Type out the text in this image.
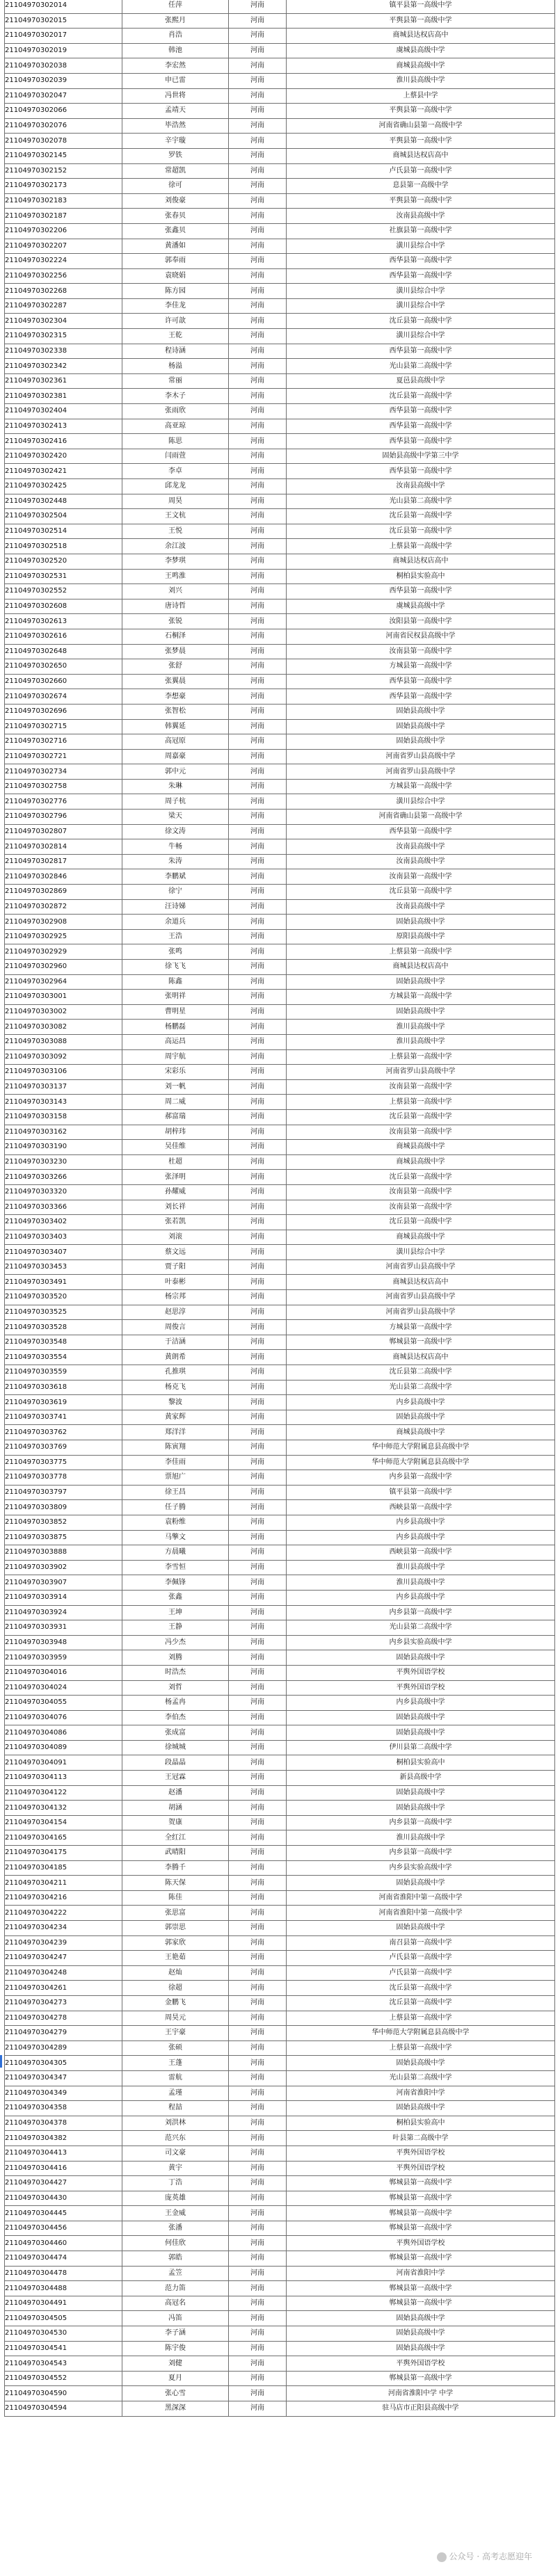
21104970302014	任萍	河南	镇平县第一高级中学
21104970302015	张熙月	河南	平舆县第一高级中学
21104970302017	肖浩	河南	商城县达权店高中
21104970302019	韩池	河南	虞城县高级中学
21104970302038	李宏然	河南	商城县高级中学
21104970302039	申已雷	河南	淮川县高级中学
21104970302047	冯世将	河南	上蔡县中学
21104970302066	孟靖天	河南	平舆县第一高级中学
21104970302076	毕浩然	河南	河南省确山县第一高级中学
21104970302078	辛宇璇	河南	平舆县第一高级中学
21104970302145	罗铁	河南	商城县达权店高中
21104970302152	常超凯	河南	卢氏县第一高级中学
21104970302173	徐可	河南	息县第一高级中学
21104970302183	刘俊豪	河南	平舆县第一高级中学
21104970302187	张春贝	河南	汝南县高级中学
21104970302206	张鑫贝	河南	社旗县第一高级中学
21104970302207	黄潘如	河南	潢川县综合中学
21104970302224	郭奉雨	河南	西华县第一高级中学
21104970302256	袁晓娟	河南	西华县第一高级中学
21104970302268	陈方园	河南	潢川县综合中学
21104970302287	李佳龙	河南	潢川县综合中学
21104970302304	许可歆	河南	沈丘县第一高级中学
21104970302315	王乾	河南	潢川县综合中学
21104970302338	程诗涵	河南	西华县第一高级中学
21104970302342	杨溢	河南	光山县第二高级中学
21104970302361	常丽	河南	夏邑县高级中学
21104970302381	李木子	河南	沈丘县第一高级中学
21104970302404	张雨欣	河南	西华县第一高级中学
21104970302413	高亚琼	河南	西华县第一高级中学
21104970302416	陈思	河南	西华县第一高级中学
21104970302420	闫雨萱	河南	固始县高级中学第三中学
21104970302421	李卓	河南	西华县第一高级中学
21104970302425	邱龙龙	河南	汝南县高级中学
21104970302448	周昊	河南	光山县第二高级中学
21104970302504	王文杭	河南	沈丘县第一高级中学
21104970302514	王悦	河南	沈丘县第一高级中学
21104970302518	余江波	河南	上蔡县第一高级中学
21104970302520	李梦琪	河南	商城县达权店高中
21104970302531	王鸣淮	河南	桐柏县实验高中
21104970302552	刘兴	河南	西华县第一高级中学
21104970302608	唐诗哲	河南	虞城县高级中学
21104970302613	张锐	河南	汝阳县第一高级中学
21104970302616	石桐泽	河南	河南省民权县高级中学
21104970302648	张梦晨	河南	汝南县第一高级中学
21104970302650	张舒	河南	方城县第一高级中学
21104970302660	张翼晨	河南	西华县第一高级中学
21104970302674	李想豪	河南	西华县第一高级中学
21104970302696	张智松	河南	固始县高级中学
21104970302715	韩翼延	河南	固始县高级中学
21104970302716	高冠原	河南	固始县高级中学
21104970302721	周嘉豪	河南	河南省罗山县高级中学
21104970302734	郭中元	河南	河南省罗山县高级中学
21104970302758	朱琳	河南	方城县第一高级中学
21104970302776	周子杭	河南	潢川县综合中学
21104970302796	梁天	河南	河南省确山县第一高级中学
21104970302807	徐文涛	河南	西华县第一高级中学
21104970302814	牛畅	河南	汝南县高级中学
21104970302817	朱涛	河南	汝南县高级中学
21104970302846	李鹏斌	河南	汝南县第一高级中学
21104970302869	徐宁	河南	沈丘县第一高级中学
21104970302872	汪诗娣	河南	汝南县高级中学
21104970302908	余道兵	河南	固始县高级中学
21104970302925	王浩	河南	原阳县高级中学
21104970302929	张鸣	河南	上蔡县第一高级中学
21104970302960	徐飞飞	河南	商城县达权店高中
21104970302964	陈鑫	河南	固始县高级中学
21104970303001	张明祥	河南	方城县第一高级中学
21104970303002	曹明星	河南	固始县高级中学
21104970303082	杨鹏磊	河南	淮川县高级中学
21104970303088	高运昌	河南	淮川县高级中学
21104970303092	周宇航	河南	上蔡县第一高级中学
21104970303106	宋彩乐	河南	河南省罗山县高级中学
21104970303137	刘一帆	河南	汝南县第一高级中学
21104970303143	周二威	河南	上蔡县第一高级中学
21104970303158	郝富瑞	河南	沈丘县第一高级中学
21104970303162	胡梓玮	河南	汝南县第一高级中学
21104970303190	吴佳维	河南	商城县高级中学
21104970303230	杜超	河南	商城县高级中学
21104970303266	张泽明	河南	沈丘县第一高级中学
21104970303320	孙耀威	河南	汝南县第一高级中学
21104970303366	刘长祥	河南	汝南县第一高级中学
21104970303402	张若凯	河南	沈丘县第一高级中学
21104970303403	刘滚	河南	商城县高级中学
21104970303407	蔡文远	河南	潢川县综合中学
21104970303453	贾子阳	河南	河南省罗山县高级中学
21104970303491	叶泰彬	河南	商城县达权店高中
21104970303520	杨宗邦	河南	河南省罗山县高级中学
21104970303525	赵思淳	河南	河南省罗山县高级中学
21104970303528	周俊言	河南	方城县第一高级中学
21104970303548	于洁涵	河南	郸城县第一高级中学
21104970303554	黄朗希	河南	商城县达权店高中
21104970303559	孔推琪	河南	沈丘县第二高级中学
21104970303618	杨克飞	河南	光山县第二高级中学
21104970303619	黎波	河南	内乡县高级中学
21104970303741	黄家辉	河南	固始县高级中学
21104970303762	郑洋洋	河南	商城县高级中学
21104970303769	陈寅翔	河南	华中师范大学附属息县高级中学
21104970303775	李佳雨	河南	华中师范大学附属息县高级中学
21104970303778	票旭广	河南	内乡县第一高级中学
21104970303797	徐王昌	河南	镇平县第一高级中学
21104970303809	任子腾	河南	西峡县第一高级中学
21104970303852	袁粉维	河南	内乡县高级中学
21104970303875	马擎文	河南	内乡县高级中学
21104970303888	方晨曦	河南	西峡县第一高级中学
21104970303902	李雪恒	河南	淮川县高级中学
21104970303907	李佩锋	河南	淮川县高级中学
21104970303914	张鑫	河南	内乡县高级中学
21104970303924	王坤	河南	内乡县第一高级中学
21104970303931	王静	河南	光山县第二高级中学
21104970303948	冯少杰	河南	内乡县实验高级中学
21104970303959	刘腾	河南	固始县高级中学
21104970304016	时浩杰	河南	平舆外国语学校
21104970304024	刘哲	河南	平舆外国语学校
21104970304055	杨孟冉	河南	内乡县高级中学
21104970304076	李伯杰	河南	固始县高级中学
21104970304086	张成富	河南	固始县高级中学
21104970304089	徐城城	河南	伊川县第二高级中学
21104970304091	段晶晶	河南	桐柏县实验高中
21104970304113	王冠霖	河南	新县高级中学
21104970304122	赵潘	河南	固始县高级中学
21104970304132	胡涵	河南	固始县高级中学
21104970304154	贺康	河南	内乡县第一高级中学
21104970304165	全红江	河南	淮川县高级中学
21104970304175	武晴阳	河南	内乡县第一高级中学
21104970304185	李腾千	河南	内乡县实验高级中学
21104970304211	陈天保	河南	固始县高级中学
21104970304216	陈佳	河南	河南省淮阳中第一高级中学
21104970304222	张思富	河南	河南省淮阳中第一高级中学
21104970304234	郭崇思	河南	固始县高级中学
21104970304239	郭家欣	河南	南召县第一高级中学
21104970304247	王艳茹	河南	卢氏县第一高级中学
21104970304248	赵灿	河南	卢氏县第一高级中学
21104970304261	徐超	河南	沈丘县第一高级中学
21104970304273	金鹏飞	河南	沈丘县第一高级中学
21104970304278	周昊元	河南	上蔡县第一高级中学
21104970304279	王宇豪	河南	华中师范大学附属息县高级中学
21104970304289	张硕	河南	上蔡县第一高级中学
21104970304305	王蓬	河南	固始县高级中学
21104970304347	雷航	河南	光山县第二高级中学
21104970304349	孟瑾	河南	河南省淮阳中学
21104970304358	程喆	河南	固始县高级中学
21104970304378	刘洪林	河南	桐柏县实验高中
21104970304382	范兴东	河南	叶县第二高级中学
21104970304413	司文豪	河南	平舆外国语学校
21104970304416	黄宇	河南	平舆外国语学校
21104970304427	丁浩	河南	郸城县第一高级中学
21104970304430	庞英雄	河南	郸城县第一高级中学
21104970304445	王金威	河南	郸城县第一高级中学
21104970304456	张潘	河南	郸城县第一高级中学
21104970304460	何佳欣	河南	平舆外国语学校
21104970304474	郭皓	河南	郸城县第一高级中学
21104970304478	孟笠	河南	河南省淮阳中学
21104970304488	范力笛	河南	郸城县第一高级中学
21104970304491	高冠名	河南	郸城县第一高级中学
21104970304505	冯笛	河南	固始县高级中学
21104970304530	李子涵	河南	固始县高级中学
21104970304541	陈宇俊	河南	固始县高级中学
21104970304543	刘健	河南	平舆外国语学校
21104970304552	夏月	河南	郸城县第一高级中学
21104970304590	张心雪	河南	河南省淮阳中学 中学
21104970304594	黑深深	河南	驻马店市正阳县高级中学
公众号 · 高考志愿迎年
